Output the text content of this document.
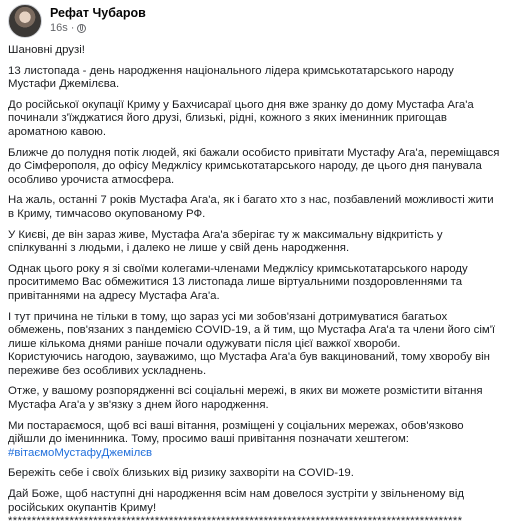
Рефат Чубаров
16s ·

Шановні друзі!

13 листопада - день народження національного лідера кримськотатарського народу Мустафи Джемілєва.

До російської окупації Криму у Бахчисараї цього дня вже зранку до дому Мустафа Ага'а починали з'їжджатися його друзі, близькі, рідні, кожного з яких іменинник пригощав ароматною кавою.

Ближче до полудня потік людей, які бажали особисто привітати Мустафу Ага'а, переміщався до Сімферополя, до офісу Меджлісу кримськотатарського народу, де цього дня панувала особливо урочиста атмосфера.

На жаль, останні 7 років Мустафа Ага'а, як і багато хто з нас, позбавлений можливості жити в Криму, тимчасово окупованому РФ.

У Києві, де він зараз живе, Мустафа Ага'а зберігає ту ж максимальну відкритість у спілкуванні з людьми, і далеко не лише у свій день народження.

Однак цього року я зі своїми колегами-членами Меджлісу кримськотатарського народу проситимемо Вас обмежитися 13 листопада лише віртуальними поздоровленнями та привітаннями на адресу Мустафа Ага'а.

І тут причина не тільки в тому, що зараз усі ми зобов'язані дотримуватися багатьох обмежень, пов'язаних з пандемією COVID-19, а й тим, що Мустафа Ага'а та члени його сім'ї лише кількома днями раніше почали одужувати після цієї важкої хвороби.
Користуючись нагодою, зауважимо, що Мустафа Ага'а був вакцинований, тому хворобу він переживе без особливих ускладнень.

Отже, у вашому розпорядженні всі соціальні мережі, в яких ви можете розмістити вітання Мустафа Ага'а у зв'язку з днем його народження.

Ми постараємося, щоб всі ваші вітання, розміщені у соціальних мережах, обов'язково дійшли до іменинника. Тому, просимо ваші привітання позначати хештегом:
#вітаємоМустафуДжемілєв

Бережіть себе і своїх близьких від ризику захворіти на COVID-19.

Дай Боже, щоб наступні дні народження всім нам довелося зустріти у звільненому від російських окупантів Криму!
************************************************************************************************
